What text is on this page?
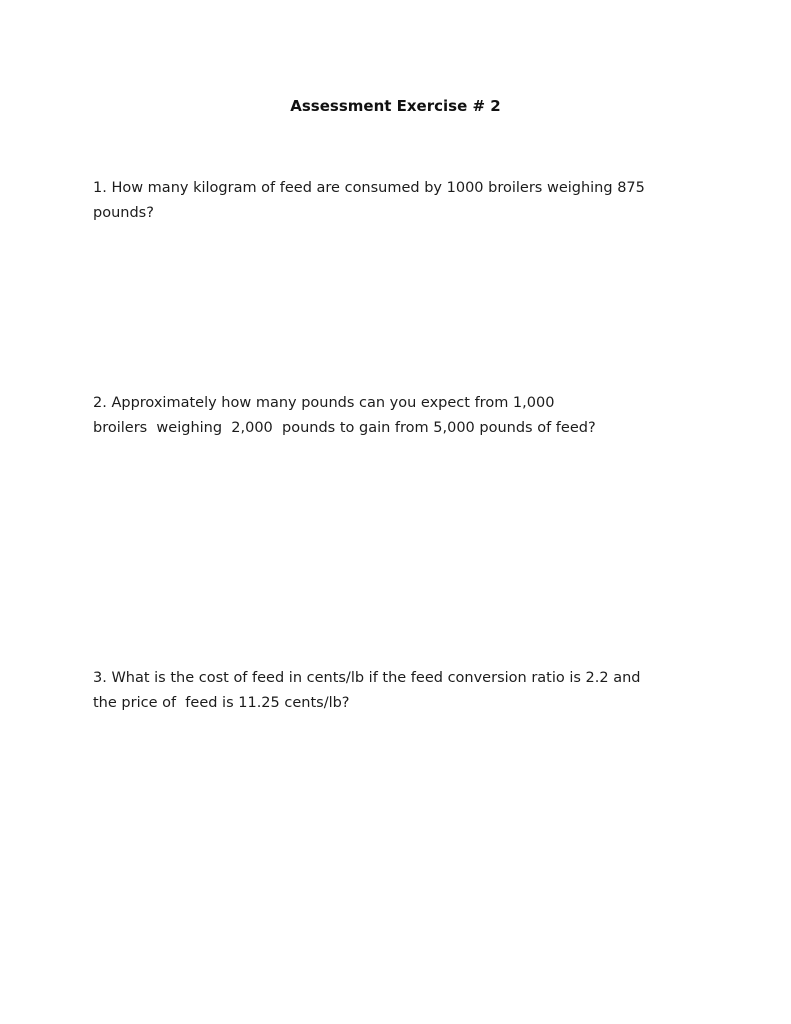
Assessment Exercise # 2
1. How many kilogram of feed are consumed by 1000 broilers weighing 875
pounds?
2. Approximately how many pounds can you expect from 1,000
broilers  weighing  2,000  pounds to gain from 5,000 pounds of feed?
3. What is the cost of feed in cents/lb if the feed conversion ratio is 2.2 and
the price of  feed is 11.25 cents/lb?
